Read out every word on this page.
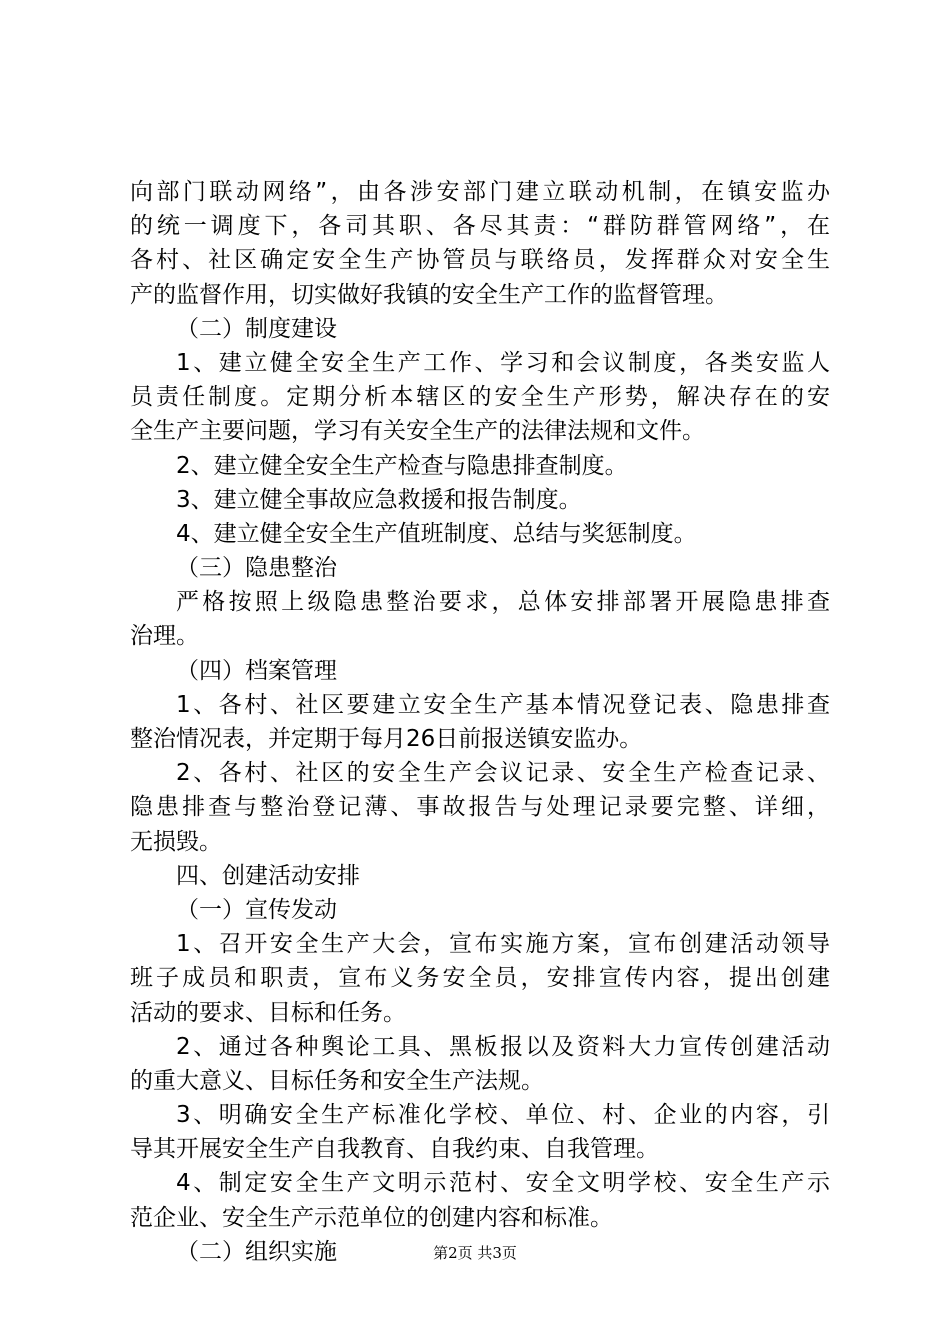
向部门联动网络”，由各涉安部门建立联动机制，在镇安监办
的统一调度下，各司其职、各尽其责：“群防群管网络”，在
各村、社区确定安全生产协管员与联络员，发挥群众对安全生
产的监督作用，切实做好我镇的安全生产工作的监督管理。
（二）制度建设
1、建立健全安全生产工作、学习和会议制度，各类安监人
员责任制度。定期分析本辖区的安全生产形势，解决存在的安
全生产主要问题，学习有关安全生产的法律法规和文件。
2、建立健全安全生产检查与隐患排查制度。
3、建立健全事故应急救援和报告制度。
4、建立健全安全生产值班制度、总结与奖惩制度。
（三）隐患整治
严格按照上级隐患整治要求，总体安排部署开展隐患排查
治理。
（四）档案管理
1、各村、社区要建立安全生产基本情况登记表、隐患排查
整治情况表，并定期于每月26日前报送镇安监办。
2、各村、社区的安全生产会议记录、安全生产检查记录、
隐患排查与整治登记薄、事故报告与处理记录要完整、详细，
无损毁。
四、创建活动安排
（一）宣传发动
1、召开安全生产大会，宣布实施方案，宣布创建活动领导
班子成员和职责，宣布义务安全员，安排宣传内容，提出创建
活动的要求、目标和任务。
2、通过各种舆论工具、黑板报以及资料大力宣传创建活动
的重大意义、目标任务和安全生产法规。
3、明确安全生产标准化学校、单位、村、企业的内容，引
导其开展安全生产自我教育、自我约束、自我管理。
4、制定安全生产文明示范村、安全文明学校、安全生产示
范企业、安全生产示范单位的创建内容和标准。
（二）组织实施	第2页 共3页
